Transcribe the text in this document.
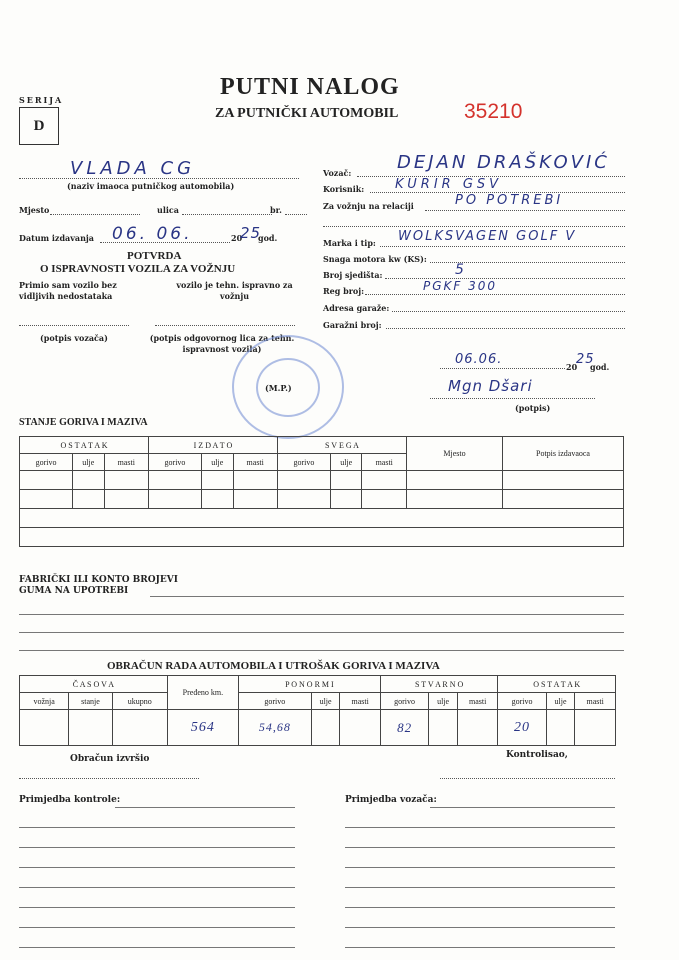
PUTNI NALOG
ZA PUTNIČKI AUTOMOBIL	35210
SERIJA
D
VLADA CG
(naziv imaoca putničkog automobila)
Mjesto	ulica	br.
Datum izdavanja 06. 06.	20
25
god.
POTVRDA
O ISPRAVNOSTI VOZILA ZA VOŽNJU
Primio sam vozilo bez vidljivih nedostataka
vozilo je tehn. ispravno za vožnju
(potpis vozača)	(potpis odgovornog lica za tehn. ispravnost vozila)
(M.P.)
Vozač:	DEJAN DRAŠKOVIĆ
Korisnik: KURIR GSV
Za vožnju na relaciji	PO POTREBI
Marka i tip: WOLKSVAGEN GOLF V
Snaga motora kw (KS):
Broj sjedišta:	5
Reg broj:	PGKF 300
Adresa garaže:
Garažni broj:
06.06.	20
25
god.
Mgn Dšari
(potpis)
STANJE GORIVA I MAZIVA
O S T A T A K			I Z D A T O			S V E G A			Mjesto	Potpis izdavaoca
gorivo	ulje	masti	gorivo	ulje	masti	gorivo	ulje	masti		

FABRIČKI ILI KONTO BROJEVI
GUMA NA UPOTREBI
OBRAČUN RADA AUTOMOBILA I UTROŠAK GORIVA I MAZIVA
Č A S O V A			Pređeno km.	P O N O R M I			S T V A R N O			O S T A T A K		
vožnja	stanje	ukupno		gorivo	ulje	masti	gorivo	ulje	masti	gorivo	ulje	masti
			564	54,68			82			20		
Obračun izvršio	Kontrolisao,
Primjedba kontrole:	Primjedba vozača:
